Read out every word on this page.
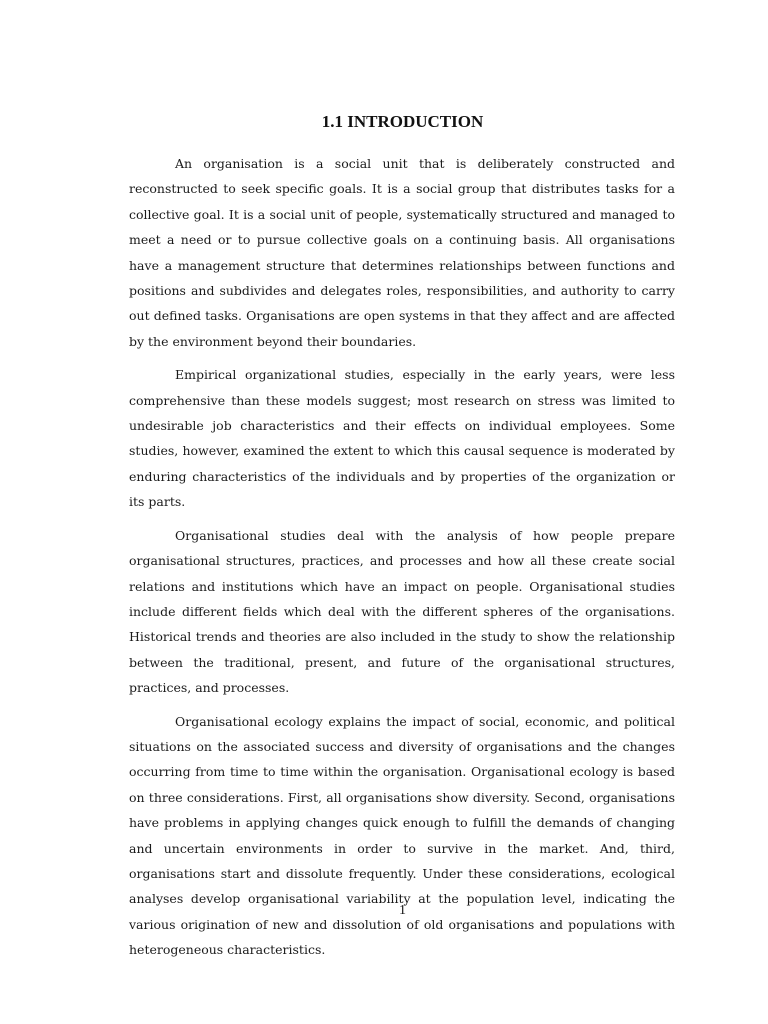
1.1 INTRODUCTION

An organisation is a social unit that is deliberately constructed and reconstructed to seek specific goals. It is a social group that distributes tasks for a collective goal. It is a social unit of people, systematically structured and managed to meet a need or to pursue collective goals on a continuing basis. All organisations have a management structure that determines relationships between functions and positions and subdivides and delegates roles, responsibilities, and authority to carry out defined tasks. Organisations are open systems in that they affect and are affected by the environment beyond their boundaries.

Empirical organizational studies, especially in the early years, were less comprehensive than these models suggest; most research on stress was limited to undesirable job characteristics and their effects on individual employees. Some studies, however, examined the extent to which this causal sequence is moderated by enduring characteristics of the individuals and by properties of the organization or its parts.

Organisational studies deal with the analysis of how people prepare organisational structures, practices, and processes and how all these create social relations and institutions which have an impact on people. Organisational studies include different fields which deal with the different spheres of the organisations. Historical trends and theories are also included in the study to show the relationship between the traditional, present, and future of the organisational structures, practices, and processes.

Organisational ecology explains the impact of social, economic, and political situations on the associated success and diversity of organisations and the changes occurring from time to time within the organisation. Organisational ecology is based on three considerations. First, all organisations show diversity. Second, organisations have problems in applying changes quick enough to fulfill the demands of changing and uncertain environments in order to survive in the market. And, third, organisations start and dissolute frequently. Under these considerations, ecological analyses develop organisational variability at the population level, indicating the various origination of new and dissolution of old organisations and populations with heterogeneous characteristics.

1
